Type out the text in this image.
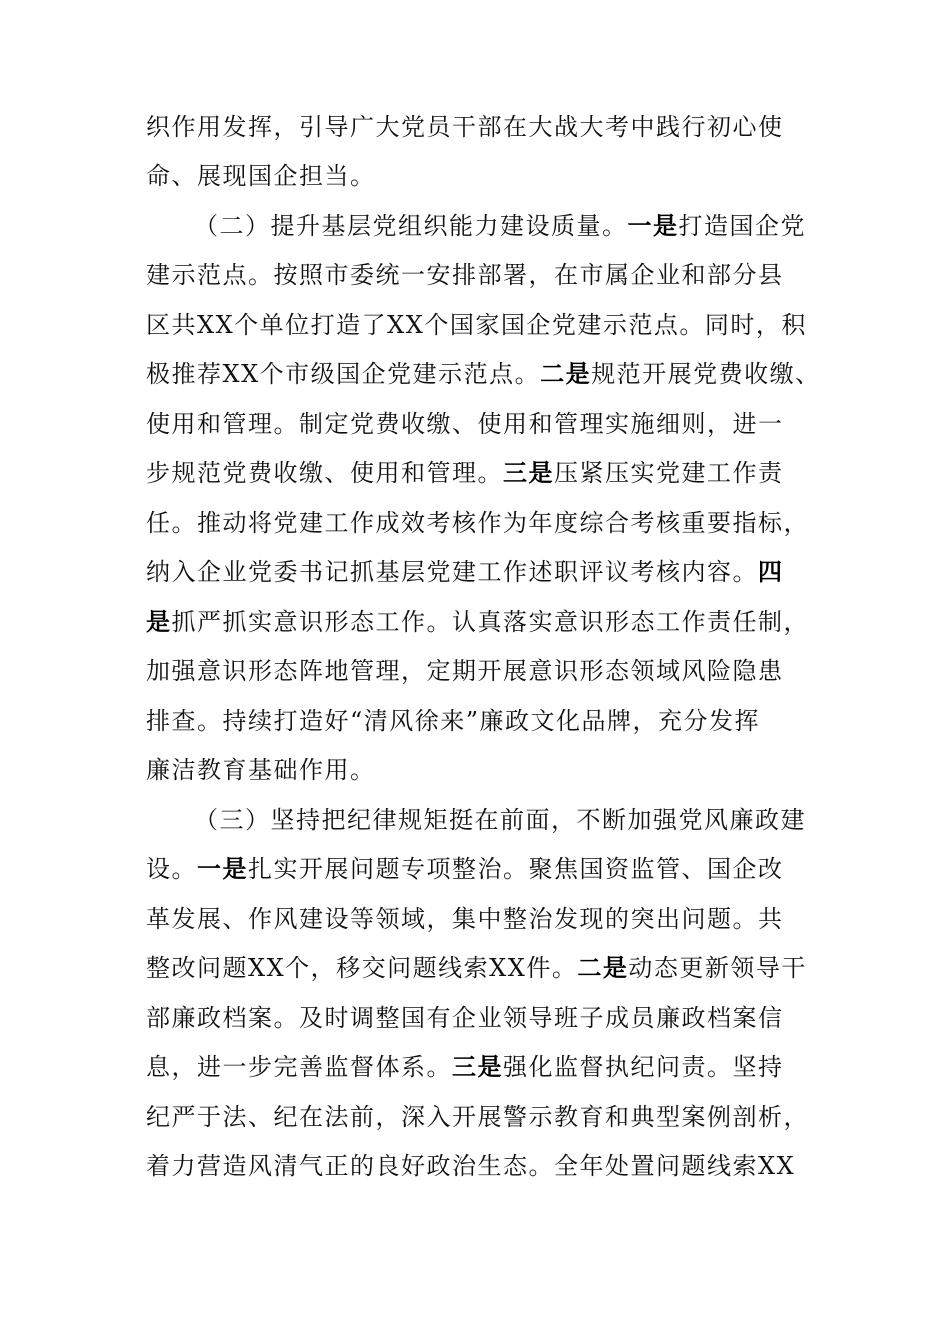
织作用发挥，引导广大党员干部在大战大考中践行初心使
命、展现国企担当。
（二）提升基层党组织能力建设质量。一是打造国企党
建示范点。按照市委统一安排部署，在市属企业和部分县
区共XX个单位打造了XX个国家国企党建示范点。同时，积
极推荐XX个市级国企党建示范点。二是规范开展党费收缴、
使用和管理。制定党费收缴、使用和管理实施细则，进一
步规范党费收缴、使用和管理。三是压紧压实党建工作责
任。推动将党建工作成效考核作为年度综合考核重要指标，
纳入企业党委书记抓基层党建工作述职评议考核内容。四
是抓严抓实意识形态工作。认真落实意识形态工作责任制，
加强意识形态阵地管理，定期开展意识形态领域风险隐患
排查。持续打造好“清风徐来”廉政文化品牌，充分发挥
廉洁教育基础作用。
（三）坚持把纪律规矩挺在前面，不断加强党风廉政建
设。一是扎实开展问题专项整治。聚焦国资监管、国企改
革发展、作风建设等领域，集中整治发现的突出问题。共
整改问题XX个，移交问题线索XX件。二是动态更新领导干
部廉政档案。及时调整国有企业领导班子成员廉政档案信
息，进一步完善监督体系。三是强化监督执纪问责。坚持
纪严于法、纪在法前，深入开展警示教育和典型案例剖析，
着力营造风清气正的良好政治生态。全年处置问题线索XX
